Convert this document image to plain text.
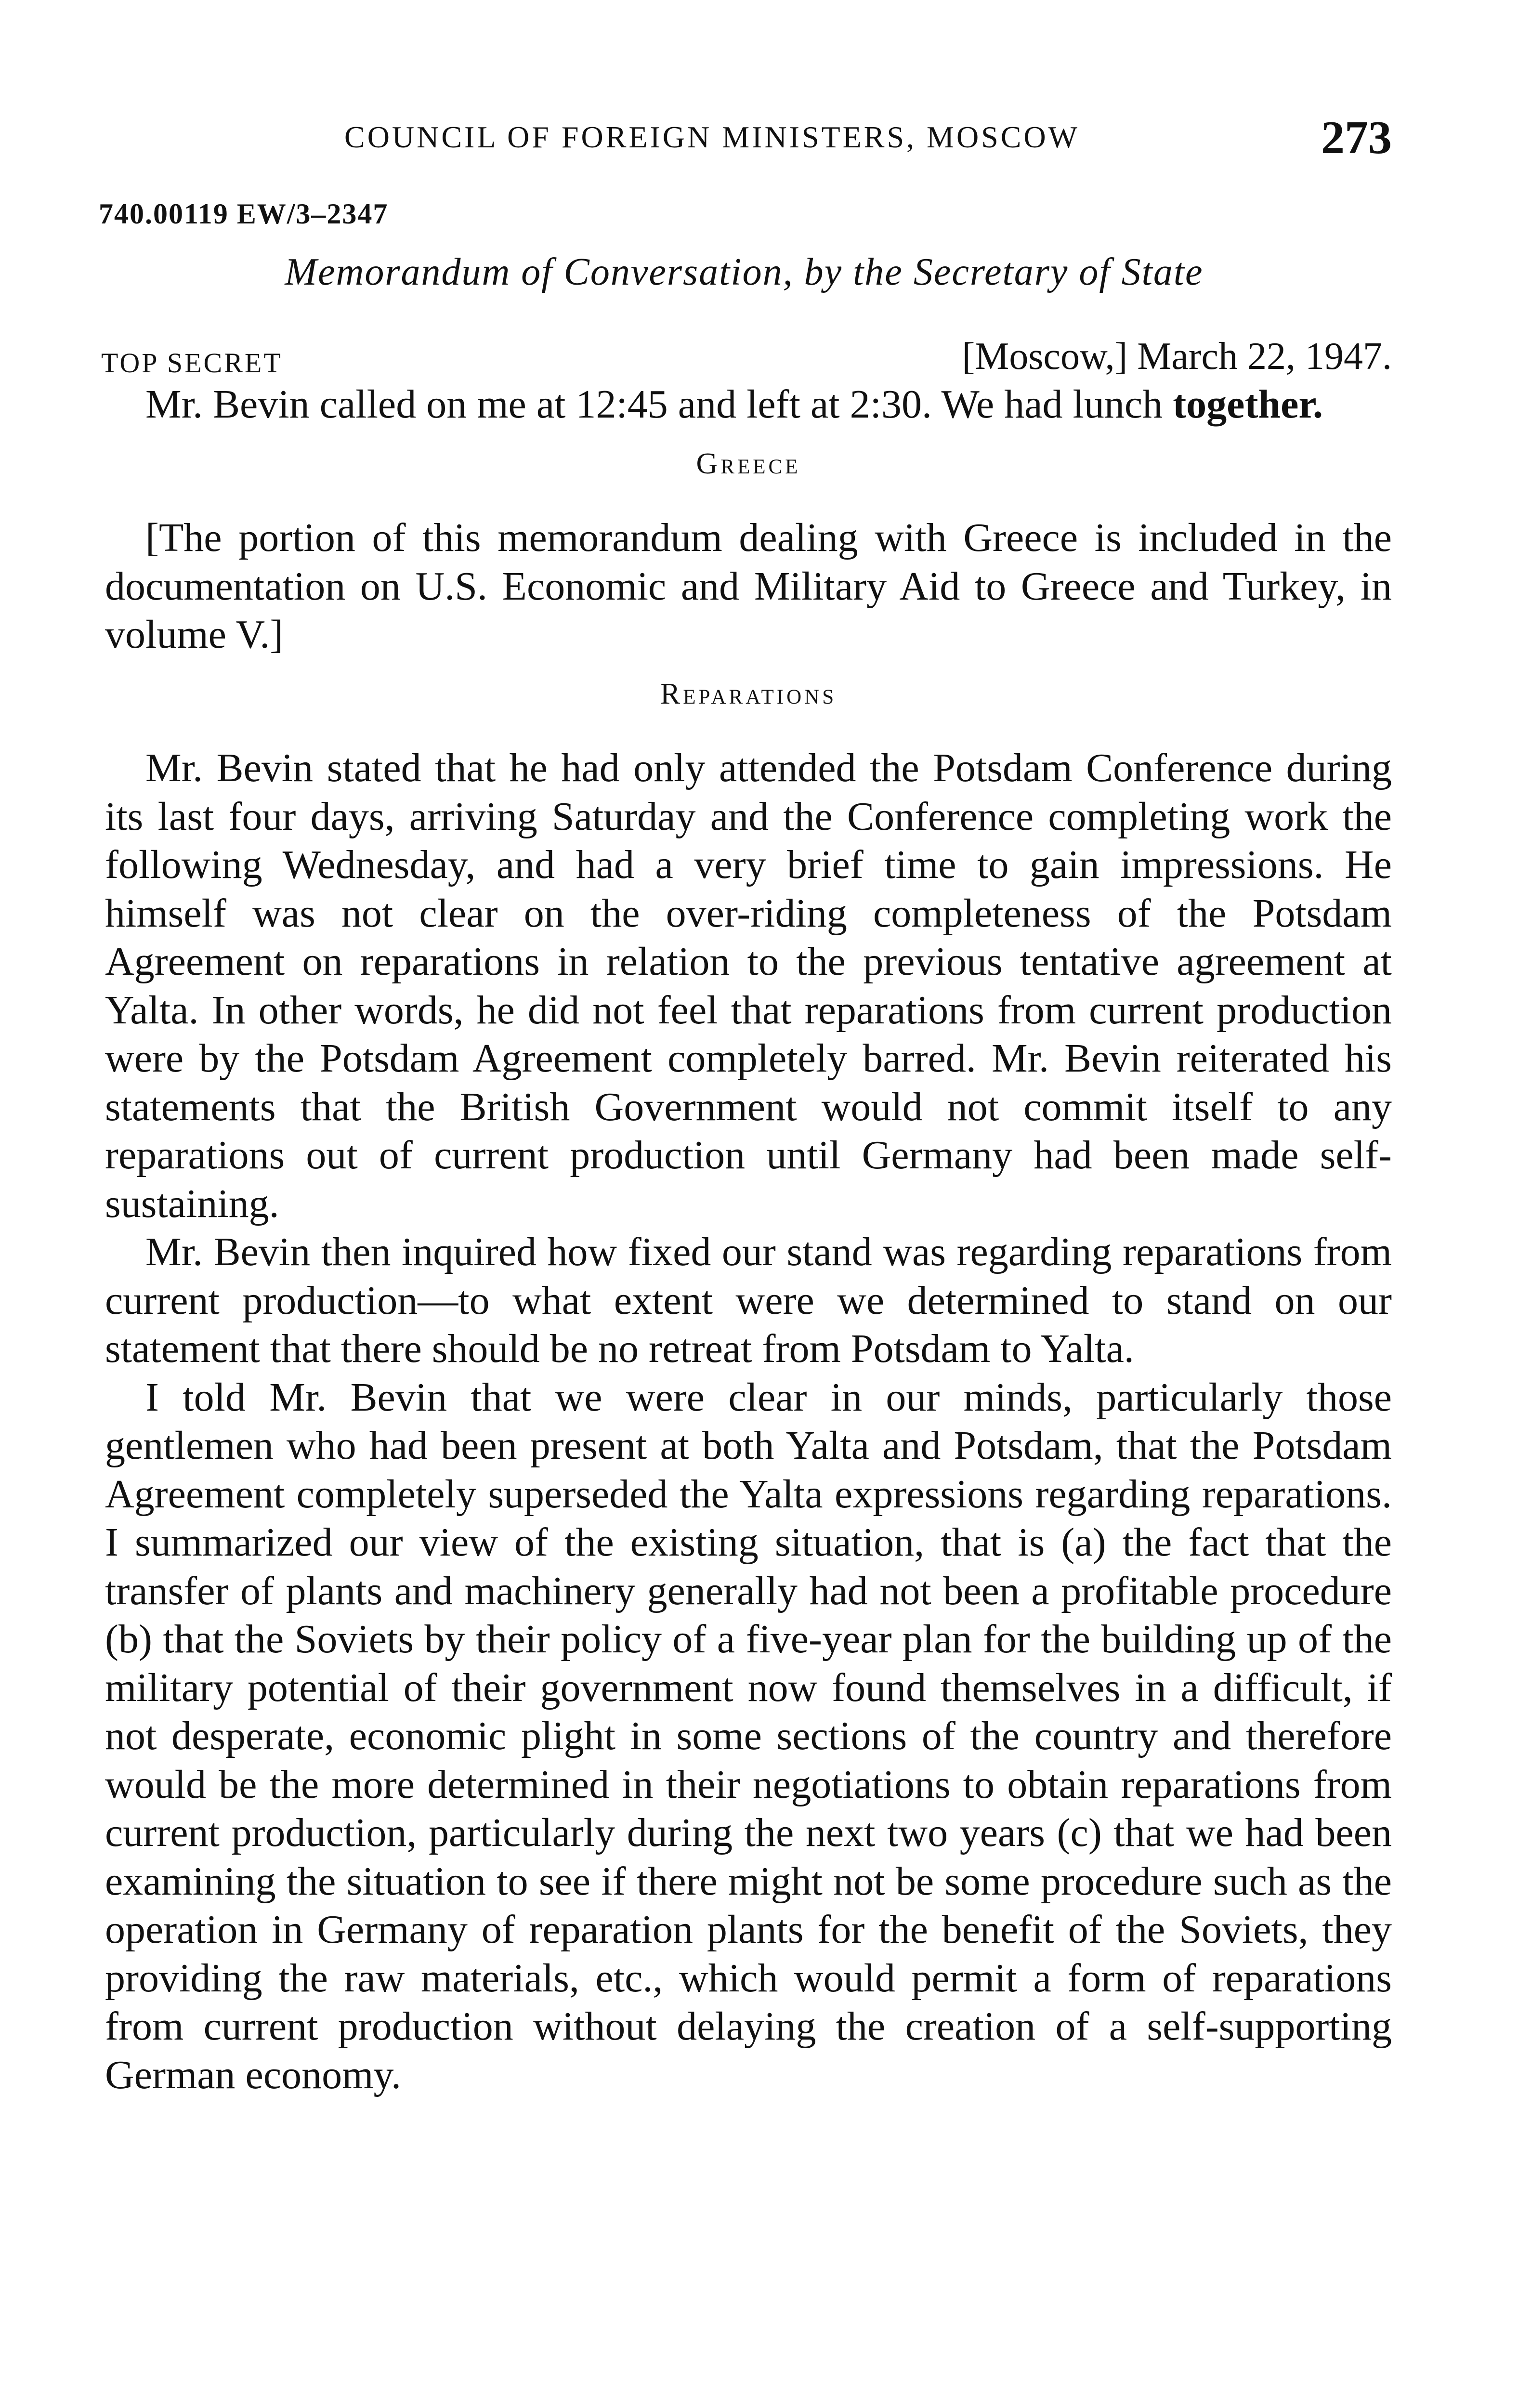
COUNCIL OF FOREIGN MINISTERS, MOSCOW	273
740.00119 EW/3–2347
Memorandum of Conversation, by the Secretary of State
TOP SECRET	[Moscow,] March 22, 1947.

Mr. Bevin called on me at 12:45 and left at 2:30. We had lunch together.

Greece

[The portion of this memorandum dealing with Greece is included in the documentation on U.S. Economic and Military Aid to Greece and Turkey, in volume V.]

Reparations

Mr. Bevin stated that he had only attended the Potsdam Conference during its last four days, arriving Saturday and the Conference completing work the following Wednesday, and had a very brief time to gain impressions. He himself was not clear on the over-riding completeness of the Potsdam Agreement on reparations in relation to the previous tentative agreement at Yalta. In other words, he did not feel that reparations from current production were by the Potsdam Agreement completely barred. Mr. Bevin reiterated his statements that the British Government would not commit itself to any reparations out of current production until Germany had been made self-sustaining.

Mr. Bevin then inquired how fixed our stand was regarding reparations from current production—to what extent were we determined to stand on our statement that there should be no retreat from Potsdam to Yalta.

I told Mr. Bevin that we were clear in our minds, particularly those gentlemen who had been present at both Yalta and Potsdam, that the Potsdam Agreement completely superseded the Yalta expressions regarding reparations. I summarized our view of the existing situation, that is (a) the fact that the transfer of plants and machinery generally had not been a profitable procedure (b) that the Soviets by their policy of a five-year plan for the building up of the military potential of their government now found themselves in a difficult, if not desperate, economic plight in some sections of the country and therefore would be the more determined in their negotiations to obtain reparations from current production, particularly during the next two years (c) that we had been examining the situation to see if there might not be some procedure such as the operation in Germany of reparation plants for the benefit of the Soviets, they providing the raw materials, etc., which would permit a form of reparations from current production without delaying the creation of a self-supporting German economy.
